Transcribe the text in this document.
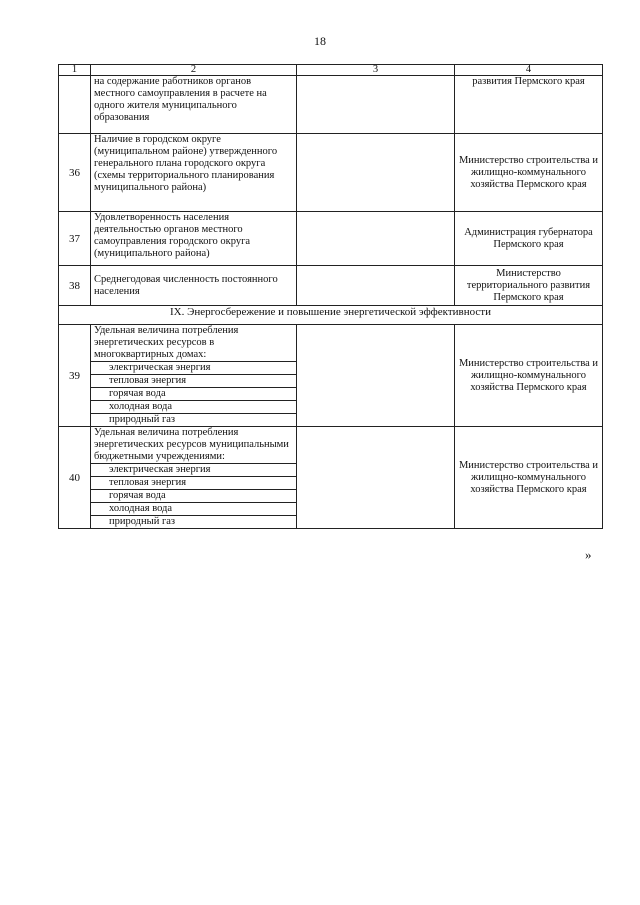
18
1	2	3	4
	на содержание работников органов местного самоуправления в расчете на одного жителя муниципального образования		развития Пермского края
36	Наличие в городском округе (муниципальном районе) утвержденного генерального плана городского округа (схемы территориального планирования муниципального района)		Министерство строительства и жилищно-коммунального хозяйства Пермского края
37	Удовлетворенность населения деятельностью органов местного самоуправления городского округа (муниципального района)		Администрация губернатора Пермского края
38	Среднегодовая численность постоянного населения		Министерство территориального развития Пермского края
IX. Энергосбережение и повышение энергетической эффективности			
39	Удельная величина потребления энергетических ресурсов в многоквартирных домах:		Министерство строительства и жилищно-коммунального хозяйства Пермского края
	электрическая энергия		
	тепловая энергия		
	горячая вода		
	холодная вода		
	природный газ		
40	Удельная величина потребления энергетических ресурсов муниципальными бюджетными учреждениями:		Министерство строительства и жилищно-коммунального хозяйства Пермского края
	электрическая энергия		
	тепловая энергия		
	горячая вода		
	холодная вода		
	природный газ		
»
